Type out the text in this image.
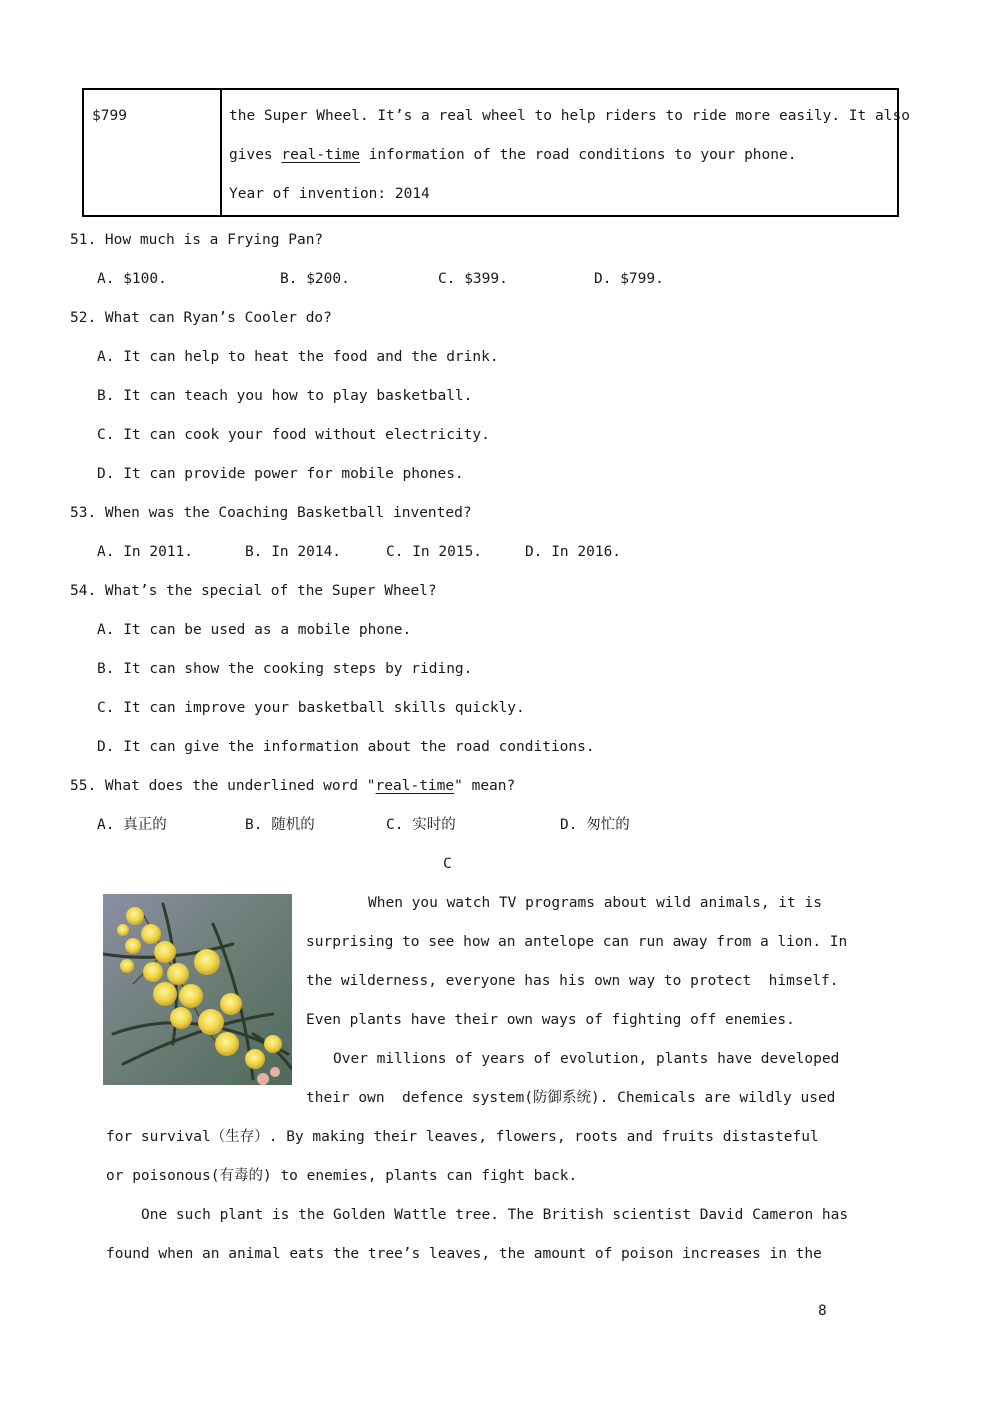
$799	the Super Wheel. It’s a real wheel to help riders to ride more easily. It also
gives real-time information of the road conditions to your phone.
Year of invention: 2014
51. How much is a Frying Pan?
A. $100.	B. $200.	C. $399.	D. $799.
52. What can Ryan’s Cooler do?
A. It can help to heat the food and the drink.
B. It can teach you how to play basketball.
C. It can cook your food without electricity.
D. It can provide power for mobile phones.
53. When was the Coaching Basketball invented?
A. In 2011.	B. In 2014.	C. In 2015.	D. In 2016.
54. What’s the special of the Super Wheel?
A. It can be used as a mobile phone.
B. It can show the cooking steps by riding.
C. It can improve your basketball skills quickly.
D. It can give the information about the road conditions.
55. What does the underlined word "real-time" mean?
A. 真正的	B. 随机的	C. 实时的	D. 匆忙的
C
When you watch TV programs about wild animals, it is
surprising to see how an antelope can run away from a lion. In
the wilderness, everyone has his own way to protect  himself.
Even plants have their own ways of fighting off enemies.
Over millions of years of evolution, plants have developed
their own  defence system(防御系统). Chemicals are wildly used
for survival（生存）. By making their leaves, flowers, roots and fruits distasteful
or poisonous(有毒的) to enemies, plants can fight back.
One such plant is the Golden Wattle tree. The British scientist David Cameron has
found when an animal eats the tree’s leaves, the amount of poison increases in the
8
